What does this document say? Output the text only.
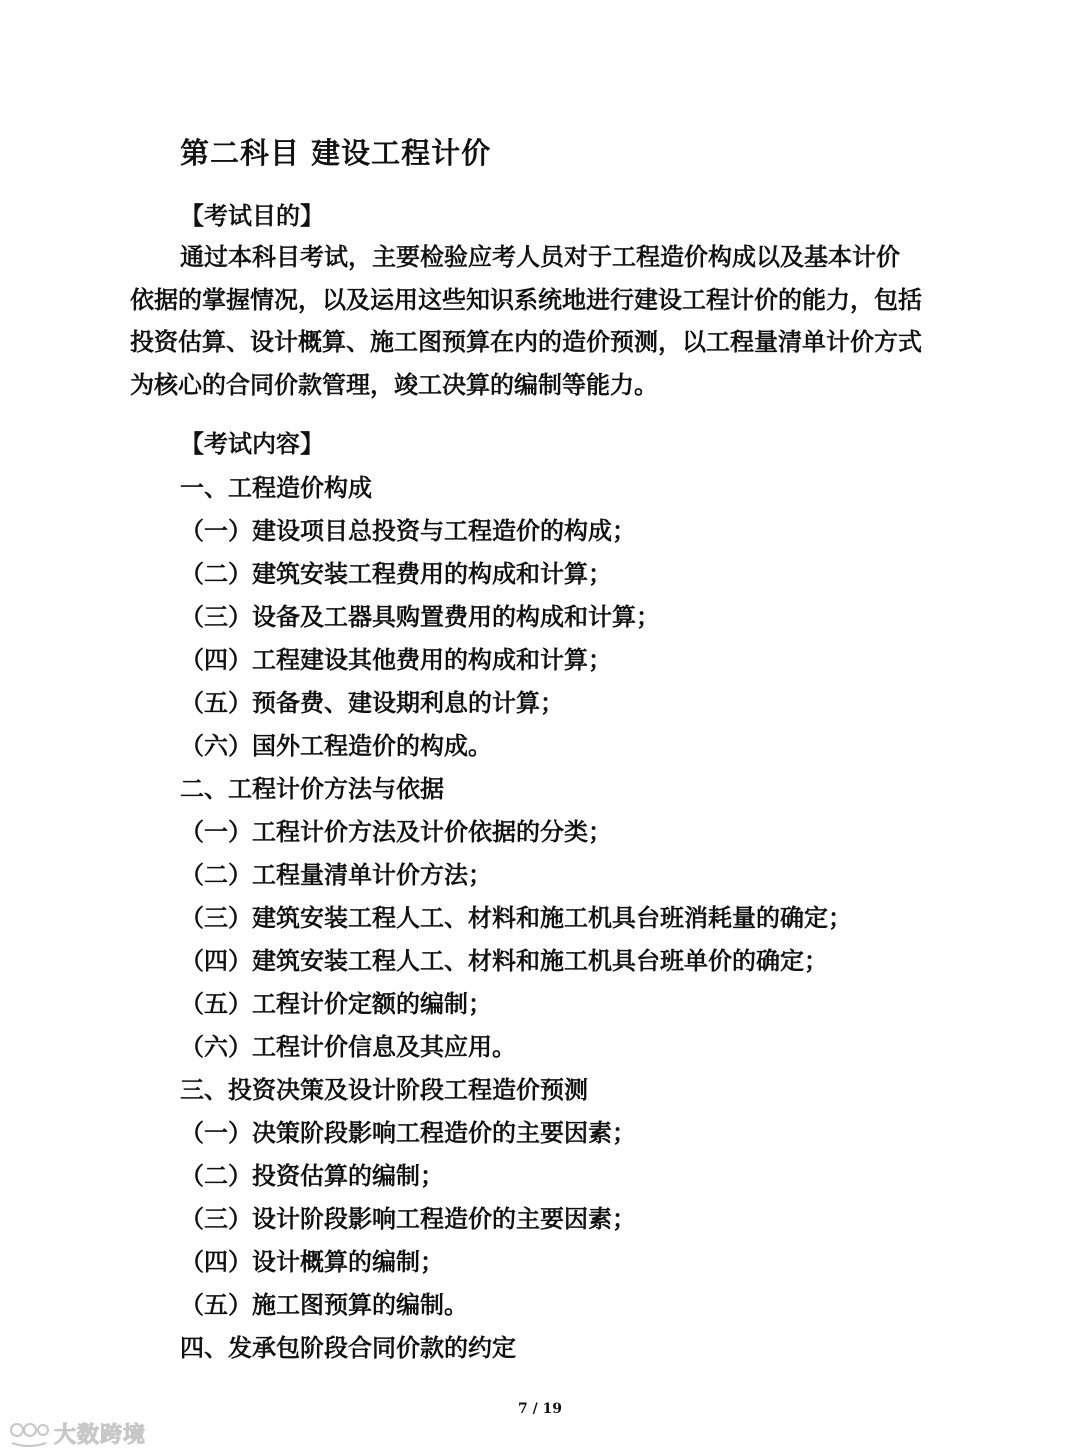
第二科目 建设工程计价
【考试目的】

通过本科目考试，主要检验应考人员对于工程造价构成以及基本计价

依据的掌握情况，以及运用这些知识系统地进行建设工程计价的能力，包括

投资估算、设计概算、施工图预算在内的造价预测，以工程量清单计价方式

为核心的合同价款管理，竣工决算的编制等能力。

【考试内容】
一、工程造价构成
（一）建设项目总投资与工程造价的构成；
（二）建筑安装工程费用的构成和计算；
（三）设备及工器具购置费用的构成和计算；
（四）工程建设其他费用的构成和计算；
（五）预备费、建设期利息的计算；
（六）国外工程造价的构成。
二、工程计价方法与依据
（一）工程计价方法及计价依据的分类；
（二）工程量清单计价方法；
（三）建筑安装工程人工、材料和施工机具台班消耗量的确定；
（四）建筑安装工程人工、材料和施工机具台班单价的确定；
（五）工程计价定额的编制；
（六）工程计价信息及其应用。
三、投资决策及设计阶段工程造价预测
（一）决策阶段影响工程造价的主要因素；
（二）投资估算的编制；
（三）设计阶段影响工程造价的主要因素；
（四）设计概算的编制；
（五）施工图预算的编制。
四、发承包阶段合同价款的约定
7 / 19
大数跨境
